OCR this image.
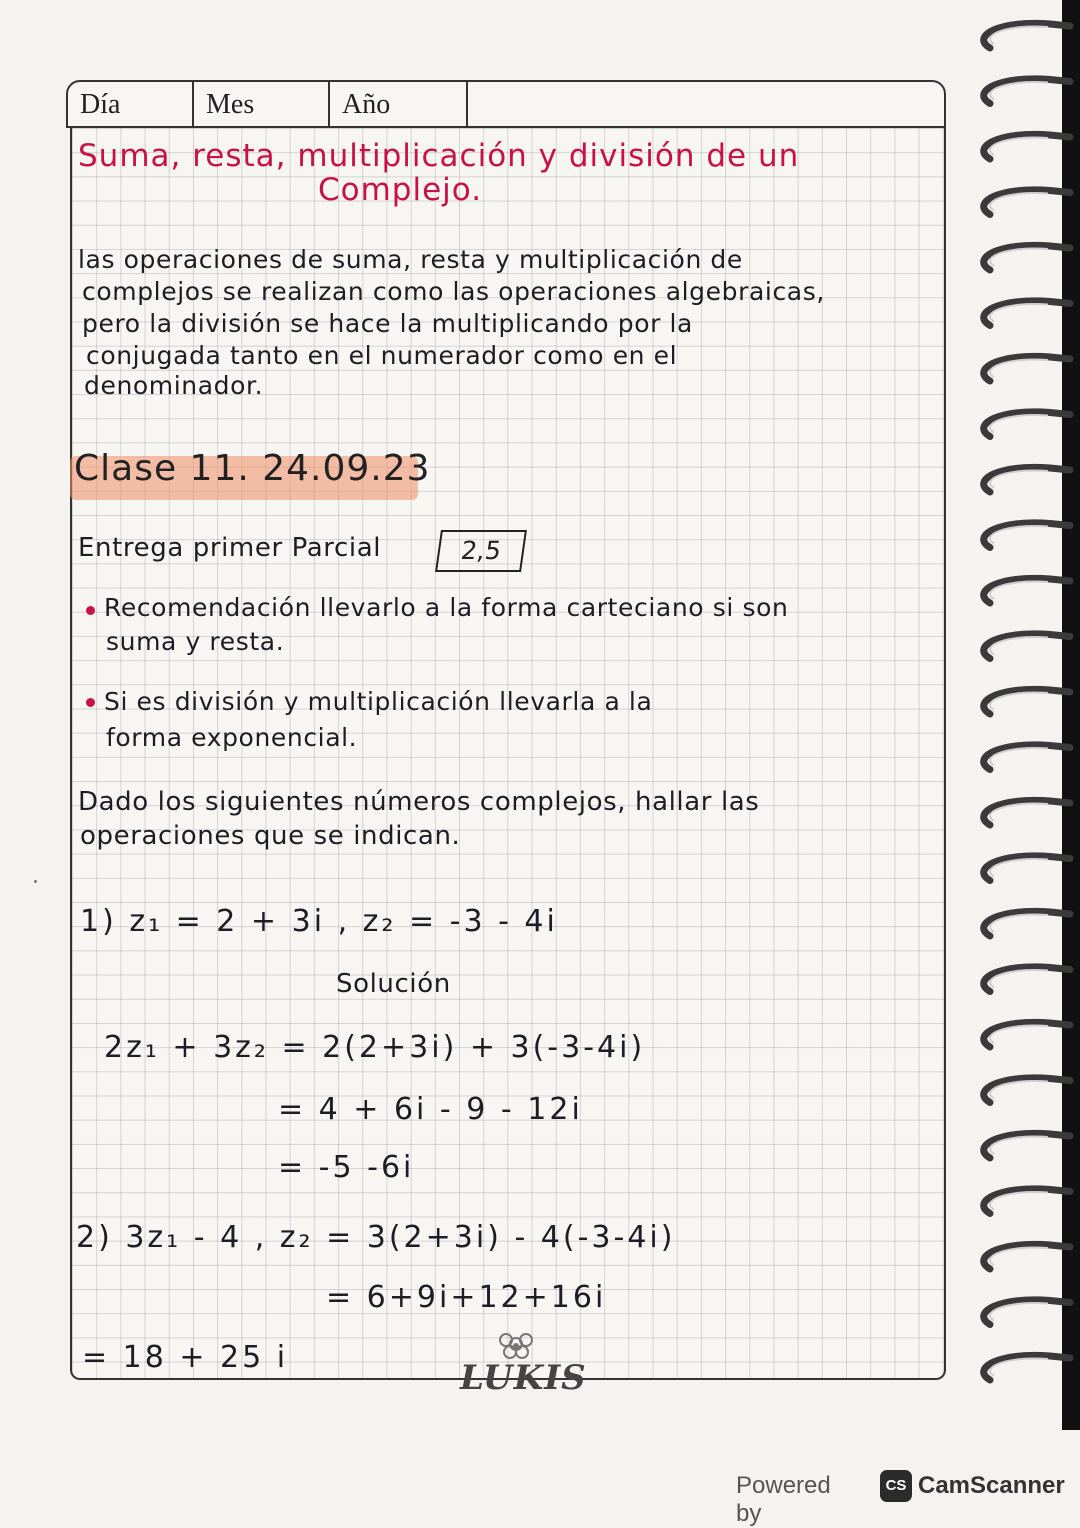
Día	Mes	Año
Suma, resta, multiplicación y división de un
Complejo.
las operaciones de suma, resta y multiplicación de
complejos se realizan como las operaciones algebraicas,
pero la división se hace la multiplicando por la
conjugada tanto en el numerador como en el
denominador.
Clase 11. 24.09.23
Entrega primer Parcial	2,5
Recomendación llevarlo a la forma carteciano si son
suma y resta.
Si es división y multiplicación llevarla a la
forma exponencial.
Dado los siguientes números complejos, hallar las
operaciones que se indican.
1) z₁ = 2 + 3i , z₂ = -3 - 4i
Solución
2z₁ + 3z₂ = 2(2+3i) + 3(-3-4i)
= 4 + 6i - 9 - 12i
= -5 -6i
2) 3z₁ - 4 , z₂ = 3(2+3i) - 4(-3-4i)
= 6+9i+12+16i
= 18 + 25 i
LUKIS
Powered by
CS CamScanner
